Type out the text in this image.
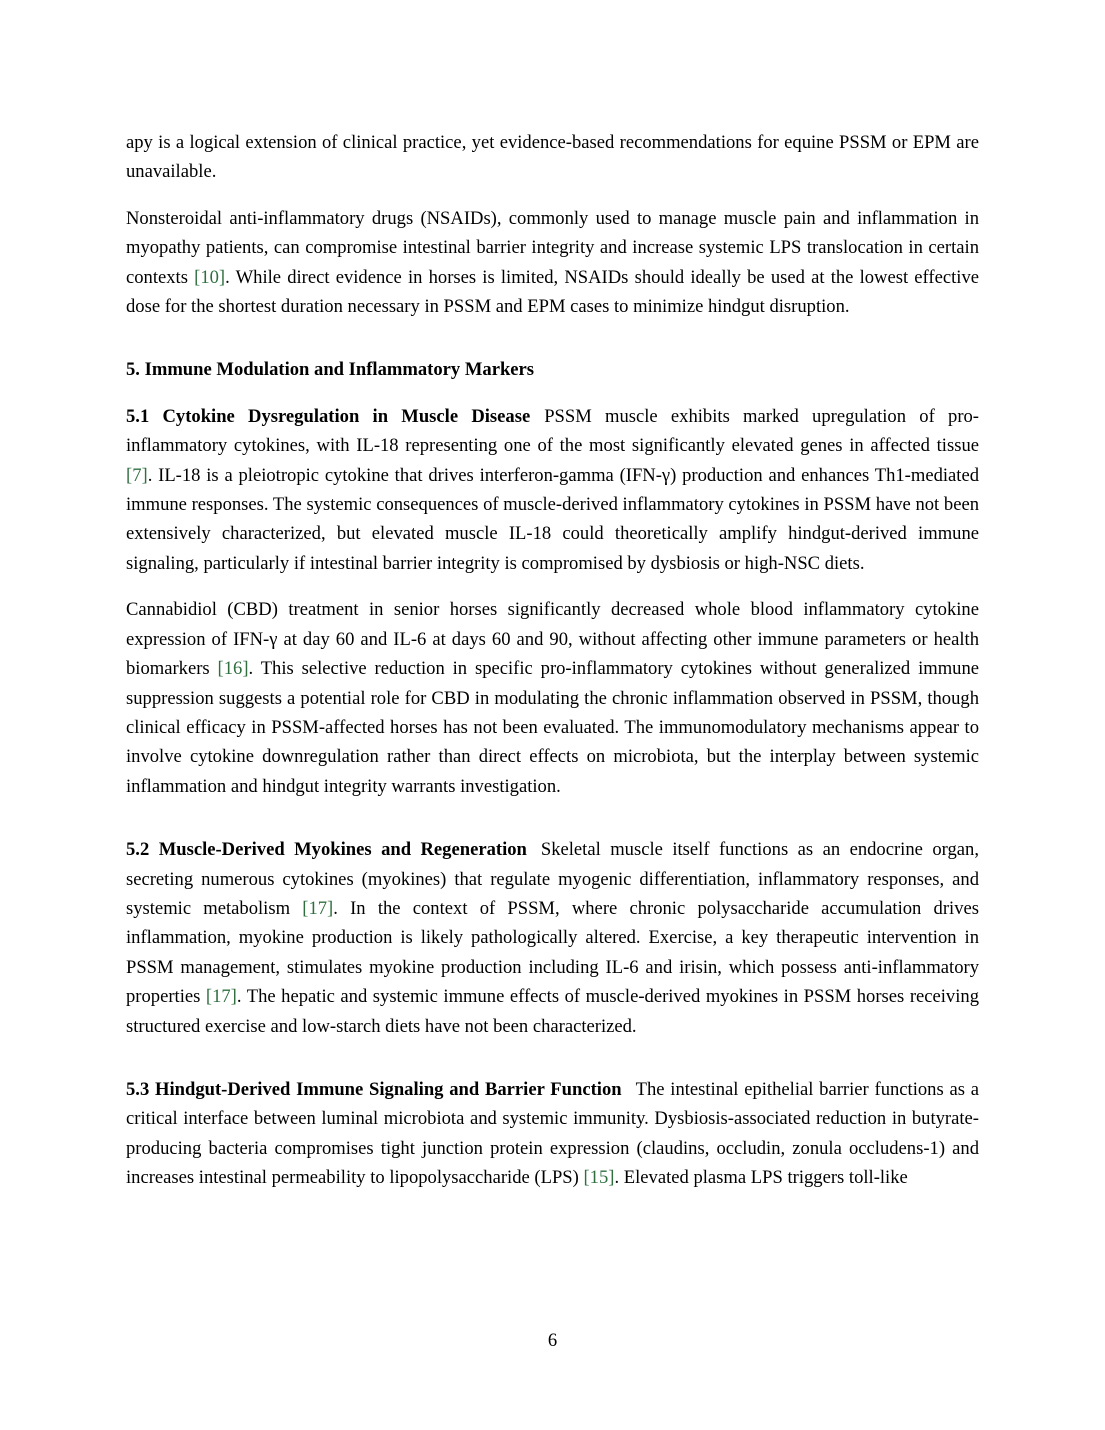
apy is a logical extension of clinical practice, yet evidence-based recommendations for equine PSSM or EPM are unavailable.

Nonsteroidal anti-inflammatory drugs (NSAIDs), commonly used to manage muscle pain and inflammation in myopathy patients, can compromise intestinal barrier integrity and increase systemic LPS translocation in certain contexts [10]. While direct evidence in horses is limited, NSAIDs should ideally be used at the lowest effective dose for the shortest duration necessary in PSSM and EPM cases to minimize hindgut disruption.

5. Immune Modulation and Inflammatory Markers

5.1 Cytokine Dysregulation in Muscle Disease PSSM muscle exhibits marked upregulation of pro-inflammatory cytokines, with IL-18 representing one of the most significantly elevated genes in affected tissue [7]. IL-18 is a pleiotropic cytokine that drives interferon-gamma (IFN-γ) production and enhances Th1-mediated immune responses. The systemic consequences of muscle-derived inflammatory cytokines in PSSM have not been extensively characterized, but elevated muscle IL-18 could theoretically amplify hindgut-derived immune signaling, particularly if intestinal barrier integrity is compromised by dysbiosis or high-NSC diets.

Cannabidiol (CBD) treatment in senior horses significantly decreased whole blood inflammatory cytokine expression of IFN-γ at day 60 and IL-6 at days 60 and 90, without affecting other immune parameters or health biomarkers [16]. This selective reduction in specific pro-inflammatory cytokines without generalized immune suppression suggests a potential role for CBD in modulating the chronic inflammation observed in PSSM, though clinical efficacy in PSSM-affected horses has not been evaluated. The immunomodulatory mechanisms appear to involve cytokine downregulation rather than direct effects on microbiota, but the interplay between systemic inflammation and hindgut integrity warrants investigation.

5.2 Muscle-Derived Myokines and Regeneration Skeletal muscle itself functions as an endocrine organ, secreting numerous cytokines (myokines) that regulate myogenic differentiation, inflammatory responses, and systemic metabolism [17]. In the context of PSSM, where chronic polysaccharide accumulation drives inflammation, myokine production is likely pathologically altered. Exercise, a key therapeutic intervention in PSSM management, stimulates myokine production including IL-6 and irisin, which possess anti-inflammatory properties [17]. The hepatic and systemic immune effects of muscle-derived myokines in PSSM horses receiving structured exercise and low-starch diets have not been characterized.

5.3 Hindgut-Derived Immune Signaling and Barrier Function The intestinal epithelial barrier functions as a critical interface between luminal microbiota and systemic immunity. Dysbiosis-associated reduction in butyrate-producing bacteria compromises tight junction protein expression (claudins, occludin, zonula occludens-1) and increases intestinal permeability to lipopolysaccharide (LPS) [15]. Elevated plasma LPS triggers toll-like

6
